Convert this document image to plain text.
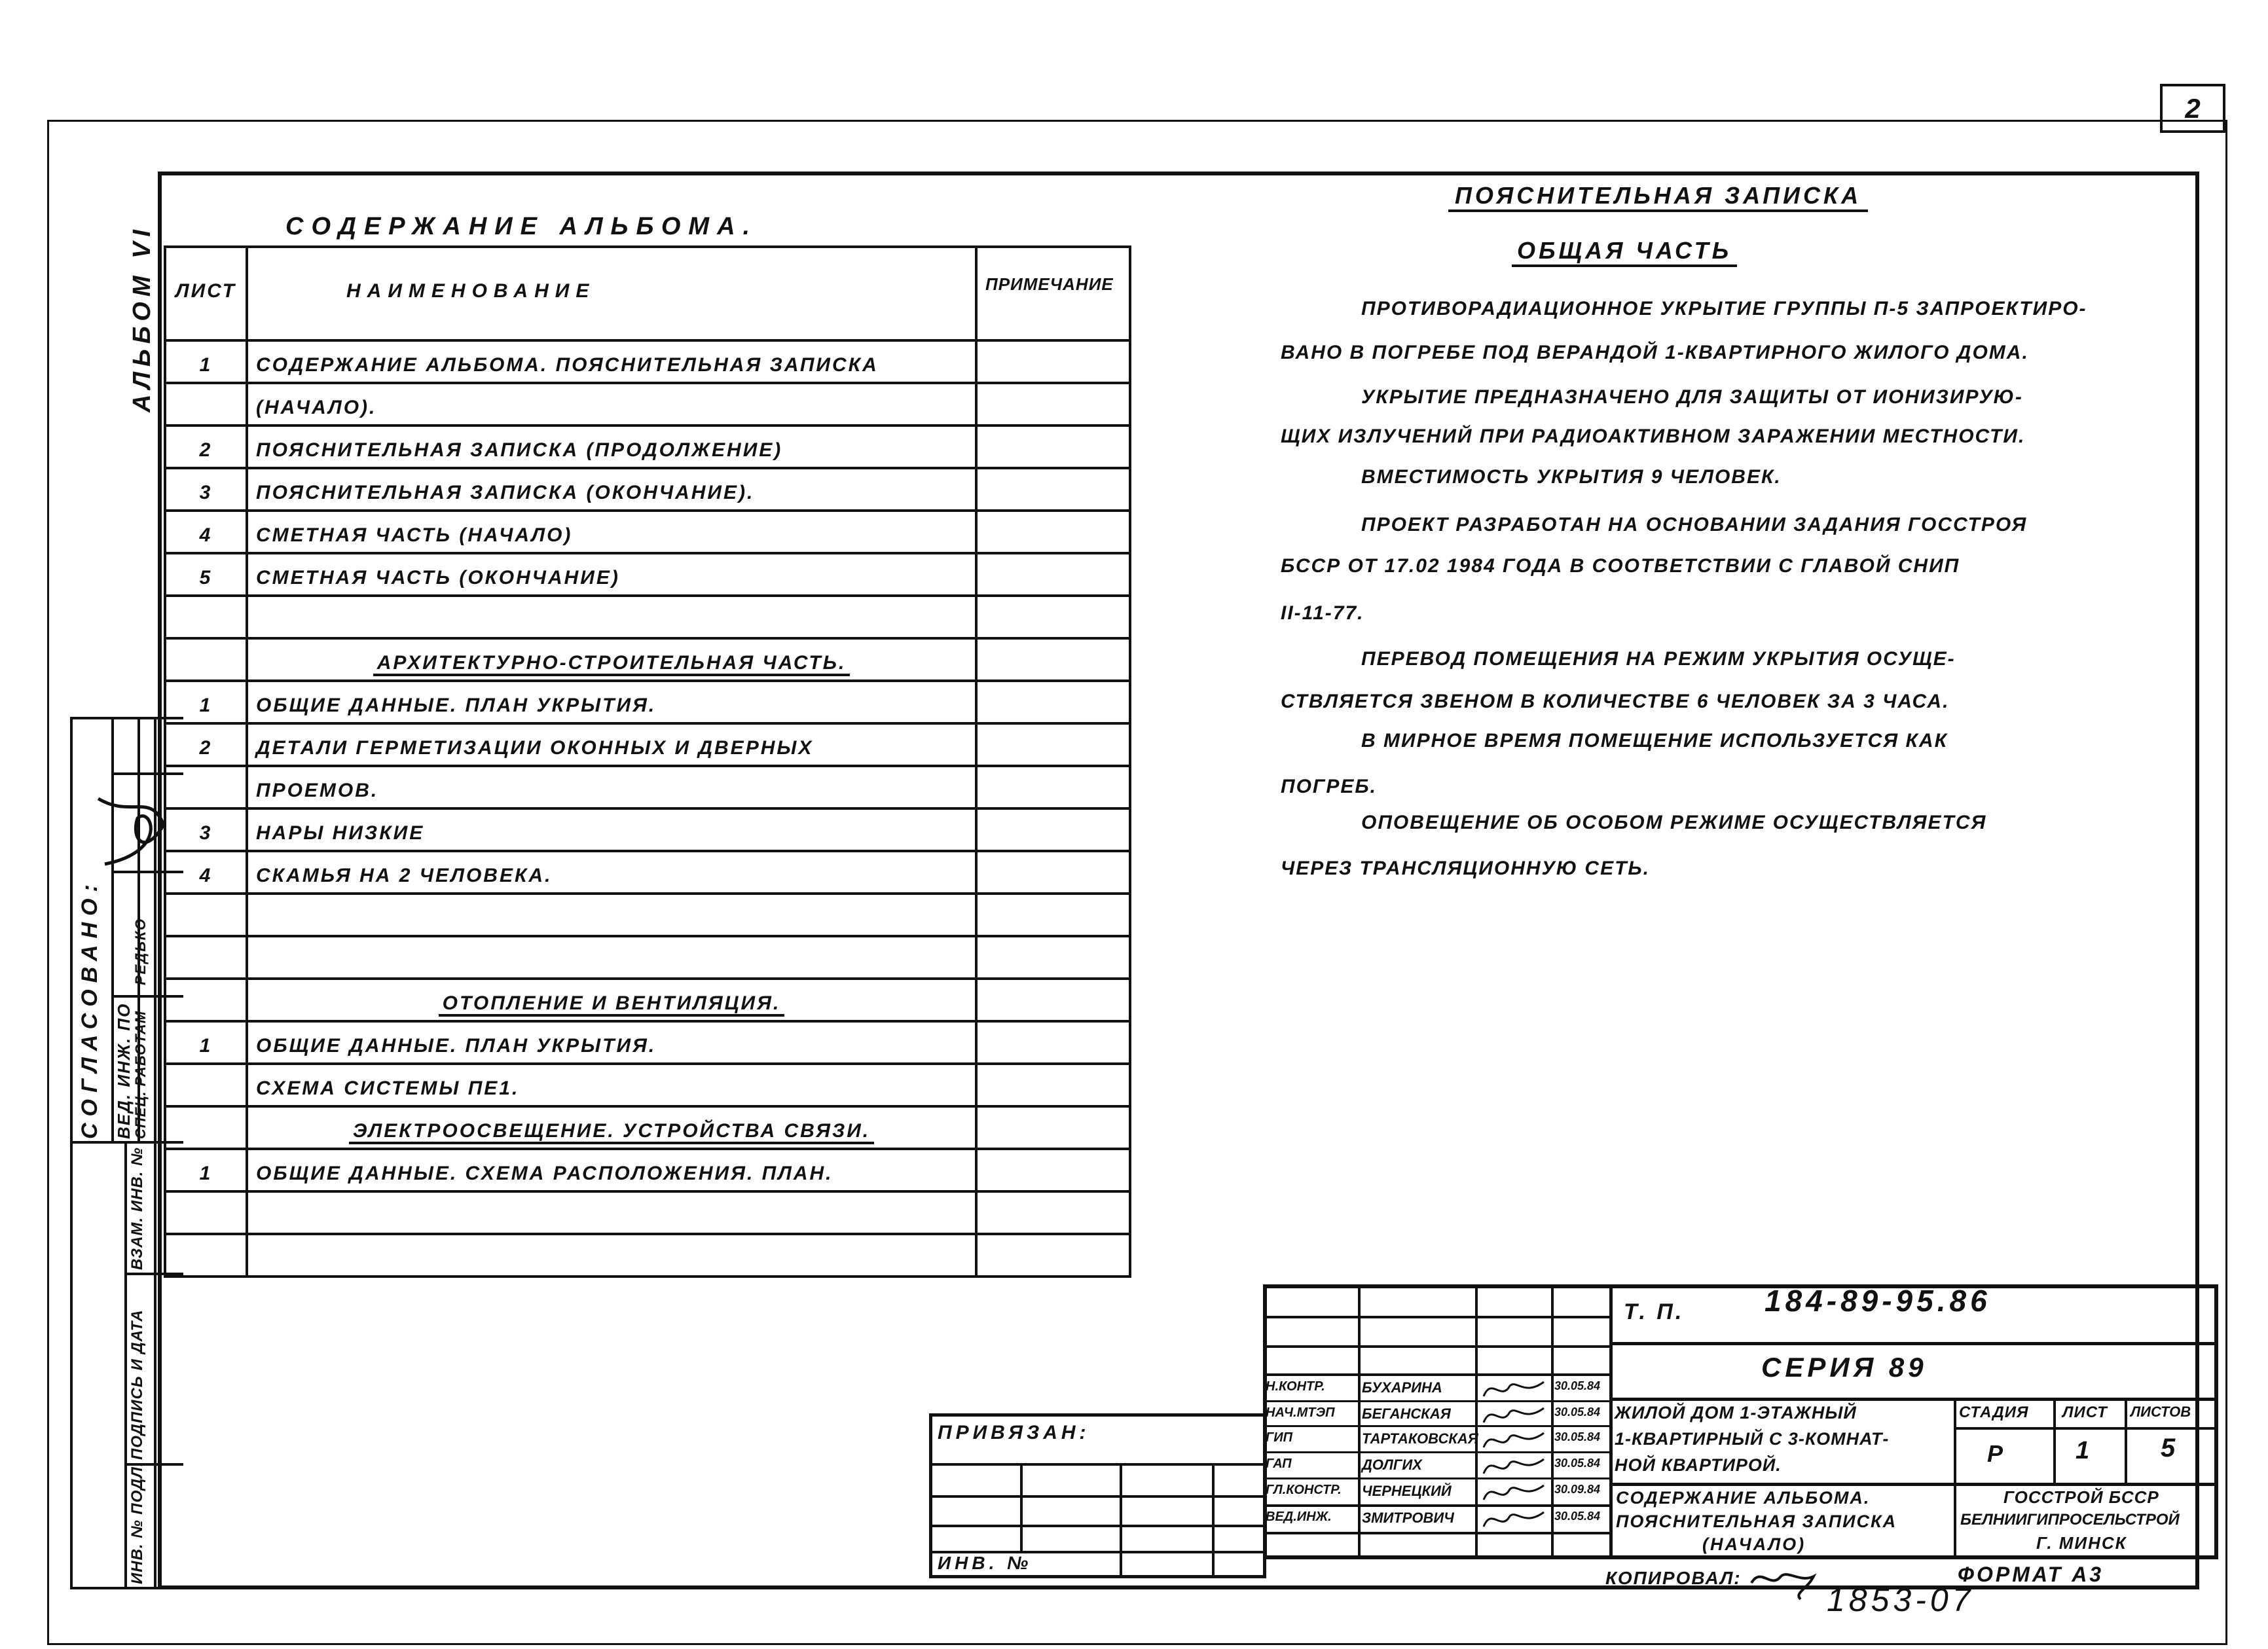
2
АЛЬБОМ VI
СОГЛАСОВАНО: ВЕД. ИНЖ. ПО
СПЕЦ. РАБОТАМ
РЕДЬКО
ВЗАМ. ИНВ. №
ПОДПИСЬ И ДАТА
ИНВ. № ПОДЛ.
СОДЕРЖАНИЕ АЛЬБОМА.
ЛИСТ	НАИМЕНОВАНИЕ	ПРИМЕЧАНИЕ
1	СОДЕРЖАНИЕ АЛЬБОМА. ПОЯСНИТЕЛЬНАЯ ЗАПИСКА	
	(НАЧАЛО).	
2	ПОЯСНИТЕЛЬНАЯ ЗАПИСКА (ПРОДОЛЖЕНИЕ)	
3	ПОЯСНИТЕЛЬНАЯ ЗАПИСКА (ОКОНЧАНИЕ).	
4	СМЕТНАЯ ЧАСТЬ (НАЧАЛО)	
5	СМЕТНАЯ ЧАСТЬ (ОКОНЧАНИЕ)	

	АРХИТЕКТУРНО-СТРОИТЕЛЬНАЯ ЧАСТЬ.	
1	ОБЩИЕ ДАННЫЕ. ПЛАН УКРЫТИЯ.	
2	ДЕТАЛИ ГЕРМЕТИЗАЦИИ ОКОННЫХ И ДВЕРНЫХ	
	ПРОЕМОВ.	
3	НАРЫ НИЗКИЕ	
4	СКАМЬЯ НА 2 ЧЕЛОВЕКА.	

	ОТОПЛЕНИЕ И ВЕНТИЛЯЦИЯ.	
1	ОБЩИЕ ДАННЫЕ. ПЛАН УКРЫТИЯ.	
	СХЕМА СИСТЕМЫ ПЕ1.	
	ЭЛЕКТРООСВЕЩЕНИЕ. УСТРОЙСТВА СВЯЗИ.	
1	ОБЩИЕ ДАННЫЕ. СХЕМА РАСПОЛОЖЕНИЯ. ПЛАН.	

ПОЯСНИТЕЛЬНАЯ ЗАПИСКА
ОБЩАЯ ЧАСТЬ
ПРОТИВОРАДИАЦИОННОЕ УКРЫТИЕ ГРУППЫ П-5 ЗАПРОЕКТИРО-
ВАНО В ПОГРЕБЕ ПОД ВЕРАНДОЙ 1-КВАРТИРНОГО ЖИЛОГО ДОМА.
УКРЫТИЕ ПРЕДНАЗНАЧЕНО ДЛЯ ЗАЩИТЫ ОТ ИОНИЗИРУЮ-
ЩИХ ИЗЛУЧЕНИЙ ПРИ РАДИОАКТИВНОМ ЗАРАЖЕНИИ МЕСТНОСТИ.
ВМЕСТИМОСТЬ УКРЫТИЯ 9 ЧЕЛОВЕК.
ПРОЕКТ РАЗРАБОТАН НА ОСНОВАНИИ ЗАДАНИЯ ГОССТРОЯ
БССР ОТ 17.02 1984 ГОДА В СООТВЕТСТВИИ С ГЛАВОЙ СНИП
II-11-77.
ПЕРЕВОД ПОМЕЩЕНИЯ НА РЕЖИМ УКРЫТИЯ ОСУЩЕ-
СТВЛЯЕТСЯ ЗВЕНОМ В КОЛИЧЕСТВЕ 6 ЧЕЛОВЕК ЗА 3 ЧАСА.
В МИРНОЕ ВРЕМЯ ПОМЕЩЕНИЕ ИСПОЛЬЗУЕТСЯ КАК
ПОГРЕБ.
ОПОВЕЩЕНИЕ ОБ ОСОБОМ РЕЖИМЕ ОСУЩЕСТВЛЯЕТСЯ
ЧЕРЕЗ ТРАНСЛЯЦИОННУЮ СЕТЬ.
ПРИВЯЗАН:
ИНВ. №
Н.КОНТР.	БУХАРИНА	30.05.84
НАЧ.МТЭП БЕГАНСКАЯ	30.05.84
ГИП	ТАРТАКОВСКАЯ	30.05.84
ГАП	ДОЛГИХ	30.05.84
ГЛ.КОНСТР. ЧЕРНЕЦКИЙ	30.09.84
ВЕД.ИНЖ. ЗМИТРОВИЧ	30.05.84
Т. П.	184-89-95.86
СЕРИЯ 89
ЖИЛОЙ ДОМ 1-ЭТАЖНЫЙ
1-КВАРТИРНЫЙ С 3-КОМНАТ-
НОЙ КВАРТИРОЙ.
СТАДИЯ ЛИСТ ЛИСТОВ
Р	1	5
СОДЕРЖАНИЕ АЛЬБОМА.
ПОЯСНИТЕЛЬНАЯ ЗАПИСКА
(НАЧАЛО)
ГОССТРОЙ БССР
БЕЛНИИГИПРОСЕЛЬСТРОЙ
Г. МИНСК
КОПИРОВАЛ:	ФОРМАТ А3
1853-07
